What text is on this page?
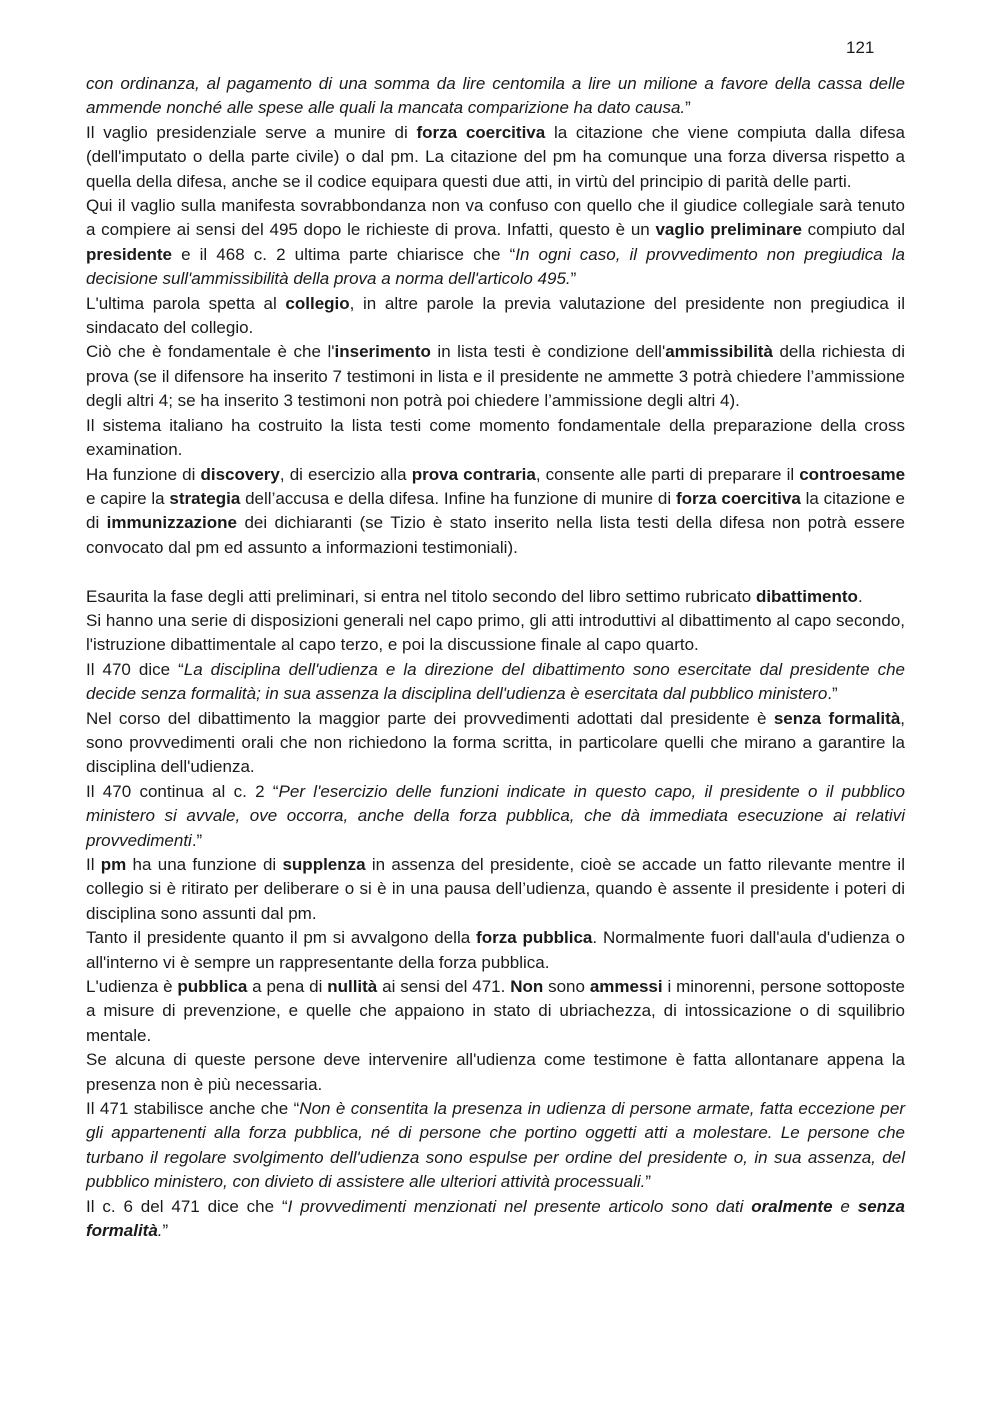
121

con ordinanza, al pagamento di una somma da lire centomila a lire un milione a favore della cassa delle ammende nonché alle spese alle quali la mancata comparizione ha dato causa.”

Il vaglio presidenziale serve a munire di forza coercitiva la citazione che viene compiuta dalla difesa (dell'imputato o della parte civile) o dal pm. La citazione del pm ha comunque una forza diversa rispetto a quella della difesa, anche se il codice equipara questi due atti, in virtù del principio di parità delle parti.

Qui il vaglio sulla manifesta sovrabbondanza non va confuso con quello che il giudice collegiale sarà tenuto a compiere ai sensi del 495 dopo le richieste di prova. Infatti, questo è un vaglio preliminare compiuto dal presidente e il 468 c. 2 ultima parte chiarisce che “In ogni caso, il provvedimento non pregiudica la decisione sull'ammissibilità della prova a norma dell'articolo 495.”

L'ultima parola spetta al collegio, in altre parole la previa valutazione del presidente non pregiudica il sindacato del collegio.

Ciò che è fondamentale è che l'inserimento in lista testi è condizione dell'ammissibilità della richiesta di prova (se il difensore ha inserito 7 testimoni in lista e il presidente ne ammette 3 potrà chiedere l’ammissione degli altri 4; se ha inserito 3 testimoni non potrà poi chiedere l’ammissione degli altri 4).

Il sistema italiano ha costruito la lista testi come momento fondamentale della preparazione della cross examination.

Ha funzione di discovery, di esercizio alla prova contraria, consente alle parti di preparare il controesame e capire la strategia dell’accusa e della difesa. Infine ha funzione di munire di forza coercitiva la citazione e di immunizzazione dei dichiaranti (se Tizio è stato inserito nella lista testi della difesa non potrà essere convocato dal pm ed assunto a informazioni testimoniali).

Esaurita la fase degli atti preliminari, si entra nel titolo secondo del libro settimo rubricato dibattimento.

Si hanno una serie di disposizioni generali nel capo primo, gli atti introduttivi al dibattimento al capo secondo, l'istruzione dibattimentale al capo terzo, e poi la discussione finale al capo quarto.

Il 470 dice “La disciplina dell'udienza e la direzione del dibattimento sono esercitate dal presidente che decide senza formalità; in sua assenza la disciplina dell'udienza è esercitata dal pubblico ministero.”

Nel corso del dibattimento la maggior parte dei provvedimenti adottati dal presidente è senza formalità, sono provvedimenti orali che non richiedono la forma scritta, in particolare quelli che mirano a garantire la disciplina dell'udienza.

Il 470 continua al c. 2 “Per l'esercizio delle funzioni indicate in questo capo, il presidente o il pubblico ministero si avvale, ove occorra, anche della forza pubblica, che dà immediata esecuzione ai relativi provvedimenti.”

Il pm ha una funzione di supplenza in assenza del presidente, cioè se accade un fatto rilevante mentre il collegio si è ritirato per deliberare o si è in una pausa dell’udienza, quando è assente il presidente i poteri di disciplina sono assunti dal pm.

Tanto il presidente quanto il pm si avvalgono della forza pubblica. Normalmente fuori dall'aula d'udienza o all'interno vi è sempre un rappresentante della forza pubblica.

L'udienza è pubblica a pena di nullità ai sensi del 471. Non sono ammessi i minorenni, persone sottoposte a misure di prevenzione, e quelle che appaiono in stato di ubriachezza, di intossicazione o di squilibrio mentale.

Se alcuna di queste persone deve intervenire all'udienza come testimone è fatta allontanare appena la presenza non è più necessaria.

Il 471 stabilisce anche che “Non è consentita la presenza in udienza di persone armate, fatta eccezione per gli appartenenti alla forza pubblica, né di persone che portino oggetti atti a molestare. Le persone che turbano il regolare svolgimento dell'udienza sono espulse per ordine del presidente o, in sua assenza, del pubblico ministero, con divieto di assistere alle ulteriori attività processuali.”

Il c. 6 del 471 dice che “I provvedimenti menzionati nel presente articolo sono dati oralmente e senza formalità.”
